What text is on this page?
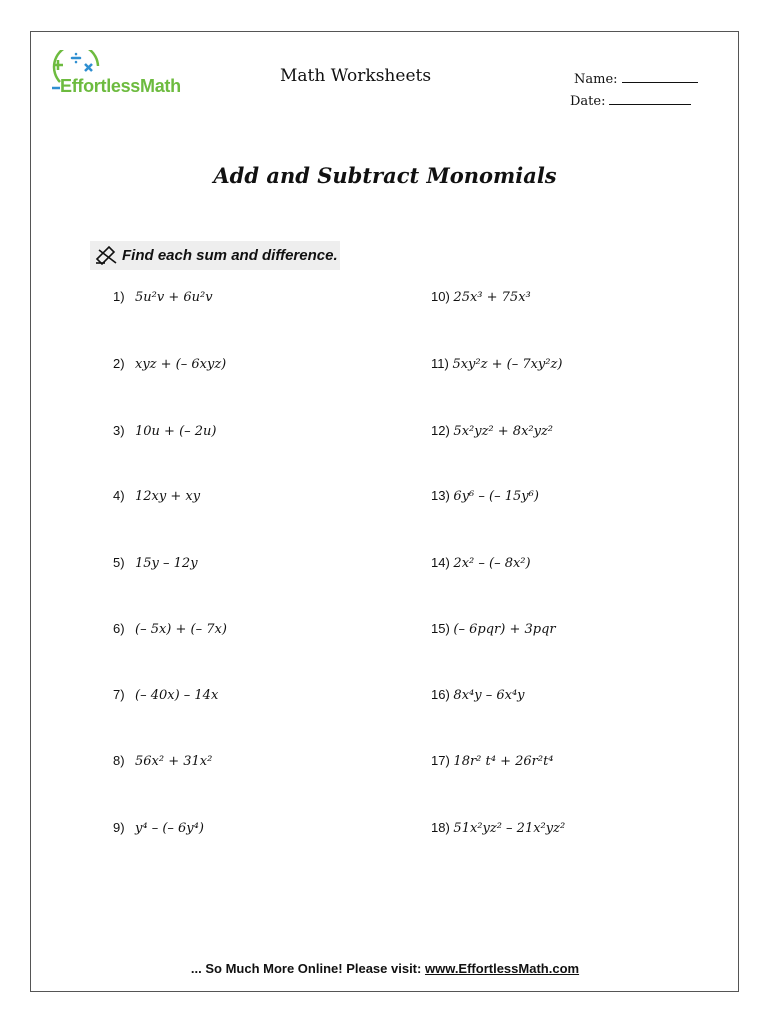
EffortlessMath	Math Worksheets	Name:
Date:
Add and Subtract Monomials
Find each sum and difference.
1) 5u²v + 6u²v
2) xyz + (– 6xyz)
3) 10u + (– 2u)
4) 12xy + xy
5) 15y – 12y
6) (– 5x) + (– 7x)
7) (– 40x) – 14x
8) 56x² + 31x²
9) y⁴ – (– 6y⁴)
10) 25x³ + 75x³
11) 5xy²z + (– 7xy²z)
12) 5x²yz² + 8x²yz²
13) 6y⁶ – (– 15y⁶)
14) 2x² – (– 8x²)
15) (– 6pqr) + 3pqr
16) 8x⁴y – 6x⁴y
17) 18r² t⁴ + 26r²t⁴
18) 51x²yz² – 21x²yz²
... So Much More Online! Please visit: www.EffortlessMath.com
